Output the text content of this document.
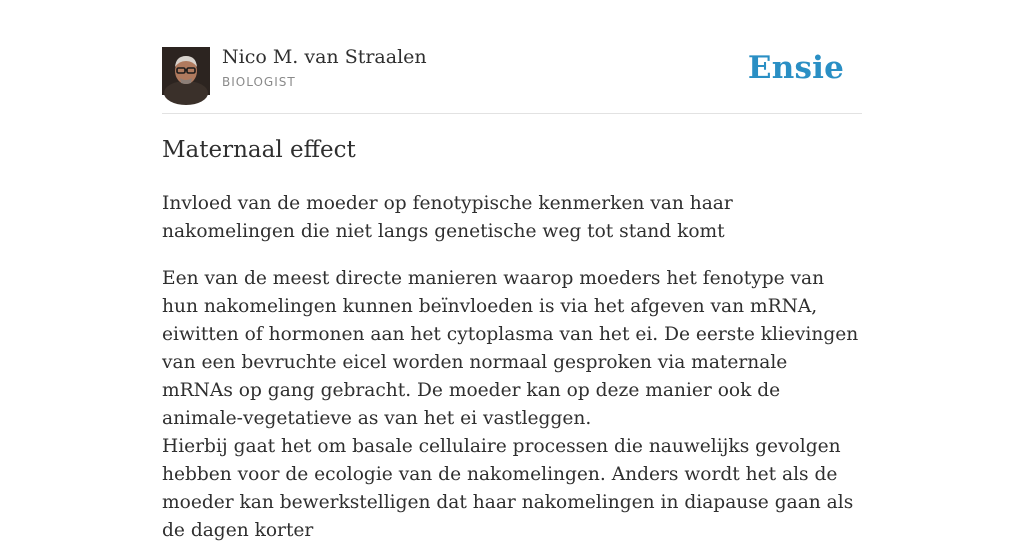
Nico M. van Straalen
BIOLOGIST	Ensie
Maternaal effect

Invloed van de moeder op fenotypische kenmerken van haar nakomelingen die niet langs genetische weg tot stand komt

Een van de meest directe manieren waarop moeders het fenotype van hun nakomelingen kunnen beïnvloeden is via het afgeven van mRNA, eiwitten of hormonen aan het cytoplasma van het ei. De eerste klievingen van een bevruchte eicel worden normaal gesproken via maternale mRNAs op gang gebracht. De moeder kan op deze manier ook de animale-vegetatieve as van het ei vastleggen.

Hierbij gaat het om basale cellulaire processen die nauwelijks gevolgen hebben voor de ecologie van de nakomelingen. Anders wordt het als de moeder kan bewerkstelligen dat haar nakomelingen in diapause gaan als de dagen korter
